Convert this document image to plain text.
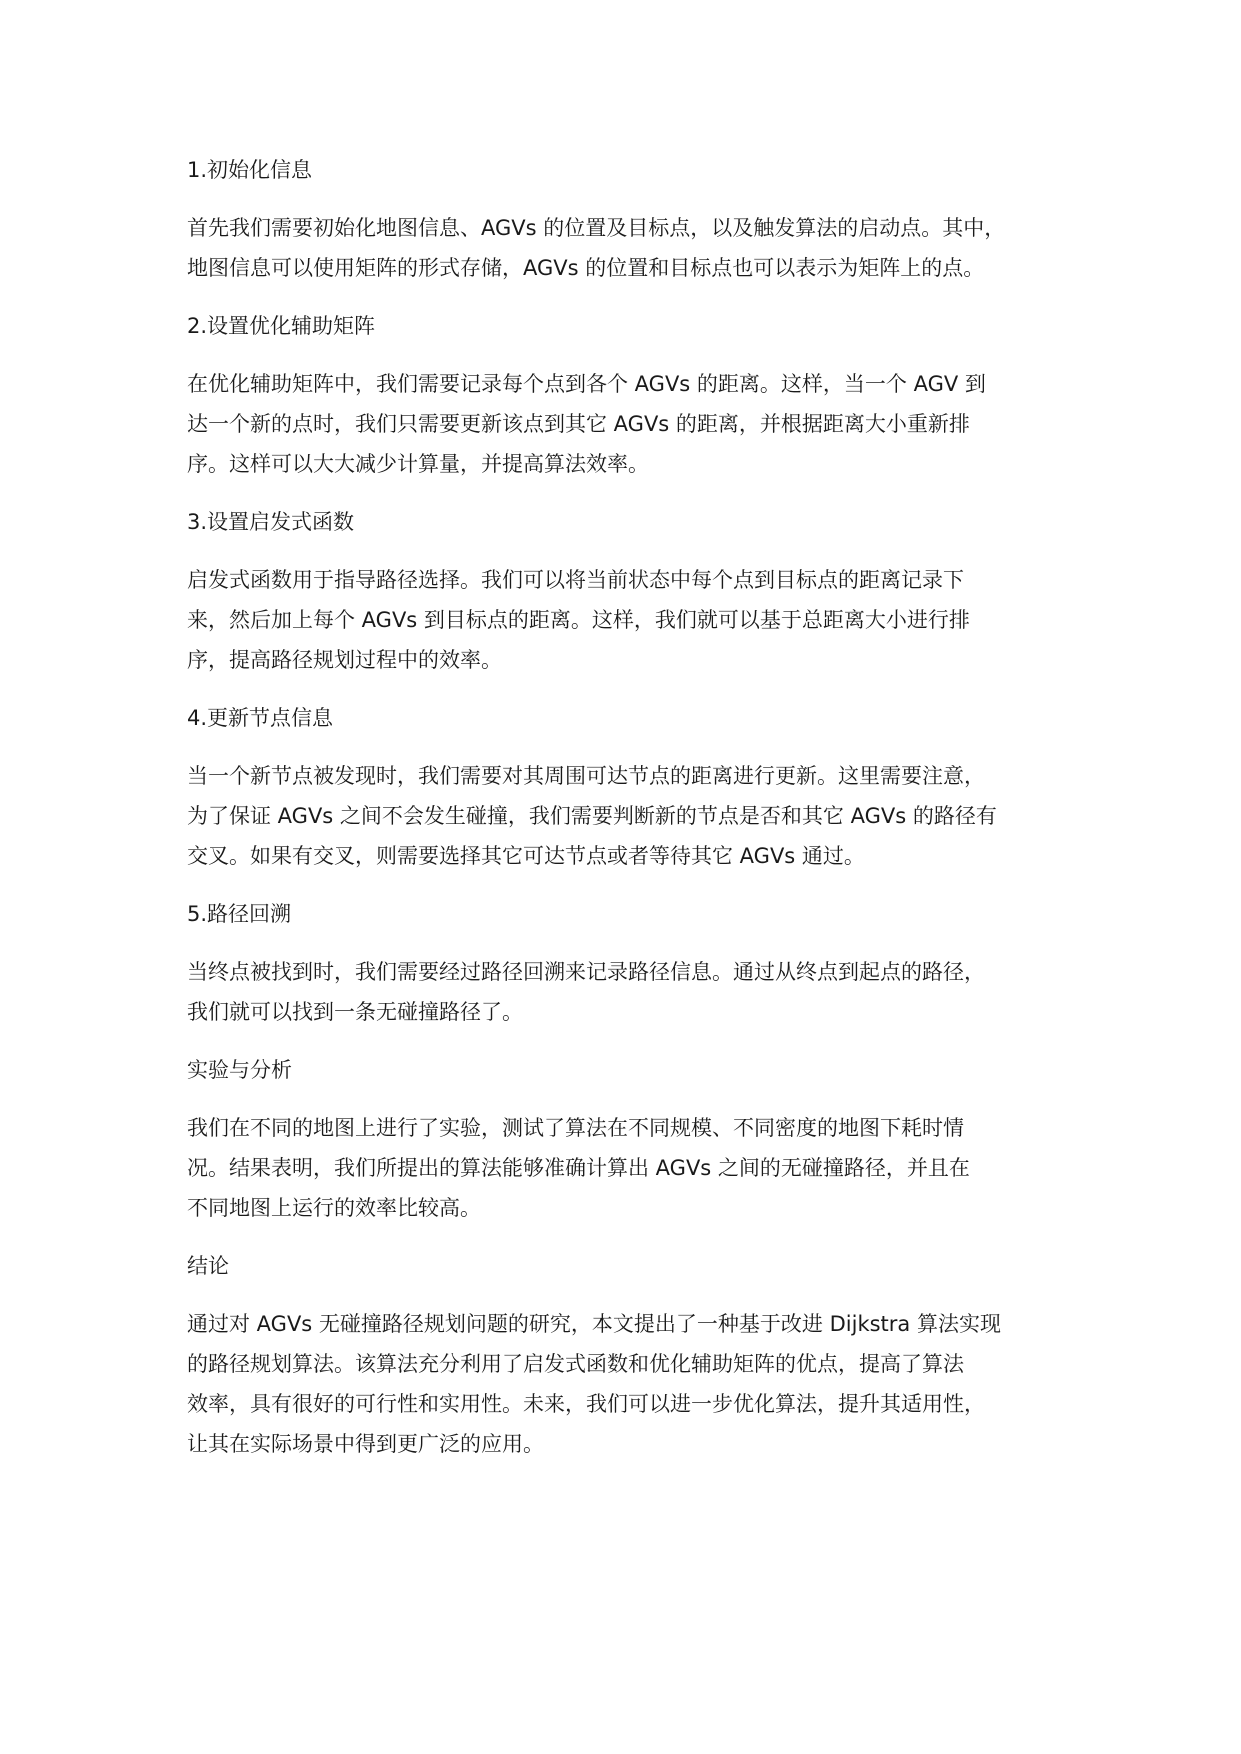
1.初始化信息
首先我们需要初始化地图信息、AGVs 的位置及目标点，以及触发算法的启动点。其中，
地图信息可以使用矩阵的形式存储，AGVs 的位置和目标点也可以表示为矩阵上的点。
2.设置优化辅助矩阵
在优化辅助矩阵中，我们需要记录每个点到各个 AGVs 的距离。这样，当一个 AGV 到
达一个新的点时，我们只需要更新该点到其它 AGVs 的距离，并根据距离大小重新排
序。这样可以大大减少计算量，并提高算法效率。
3.设置启发式函数
启发式函数用于指导路径选择。我们可以将当前状态中每个点到目标点的距离记录下
来，然后加上每个 AGVs 到目标点的距离。这样，我们就可以基于总距离大小进行排
序，提高路径规划过程中的效率。
4.更新节点信息
当一个新节点被发现时，我们需要对其周围可达节点的距离进行更新。这里需要注意，
为了保证 AGVs 之间不会发生碰撞，我们需要判断新的节点是否和其它 AGVs 的路径有
交叉。如果有交叉，则需要选择其它可达节点或者等待其它 AGVs 通过。
5.路径回溯
当终点被找到时，我们需要经过路径回溯来记录路径信息。通过从终点到起点的路径，
我们就可以找到一条无碰撞路径了。
实验与分析
我们在不同的地图上进行了实验，测试了算法在不同规模、不同密度的地图下耗时情
况。结果表明，我们所提出的算法能够准确计算出 AGVs 之间的无碰撞路径，并且在
不同地图上运行的效率比较高。
结论
通过对 AGVs 无碰撞路径规划问题的研究，本文提出了一种基于改进 Dijkstra 算法实现
的路径规划算法。该算法充分利用了启发式函数和优化辅助矩阵的优点，提高了算法
效率，具有很好的可行性和实用性。未来，我们可以进一步优化算法，提升其适用性，
让其在实际场景中得到更广泛的应用。
